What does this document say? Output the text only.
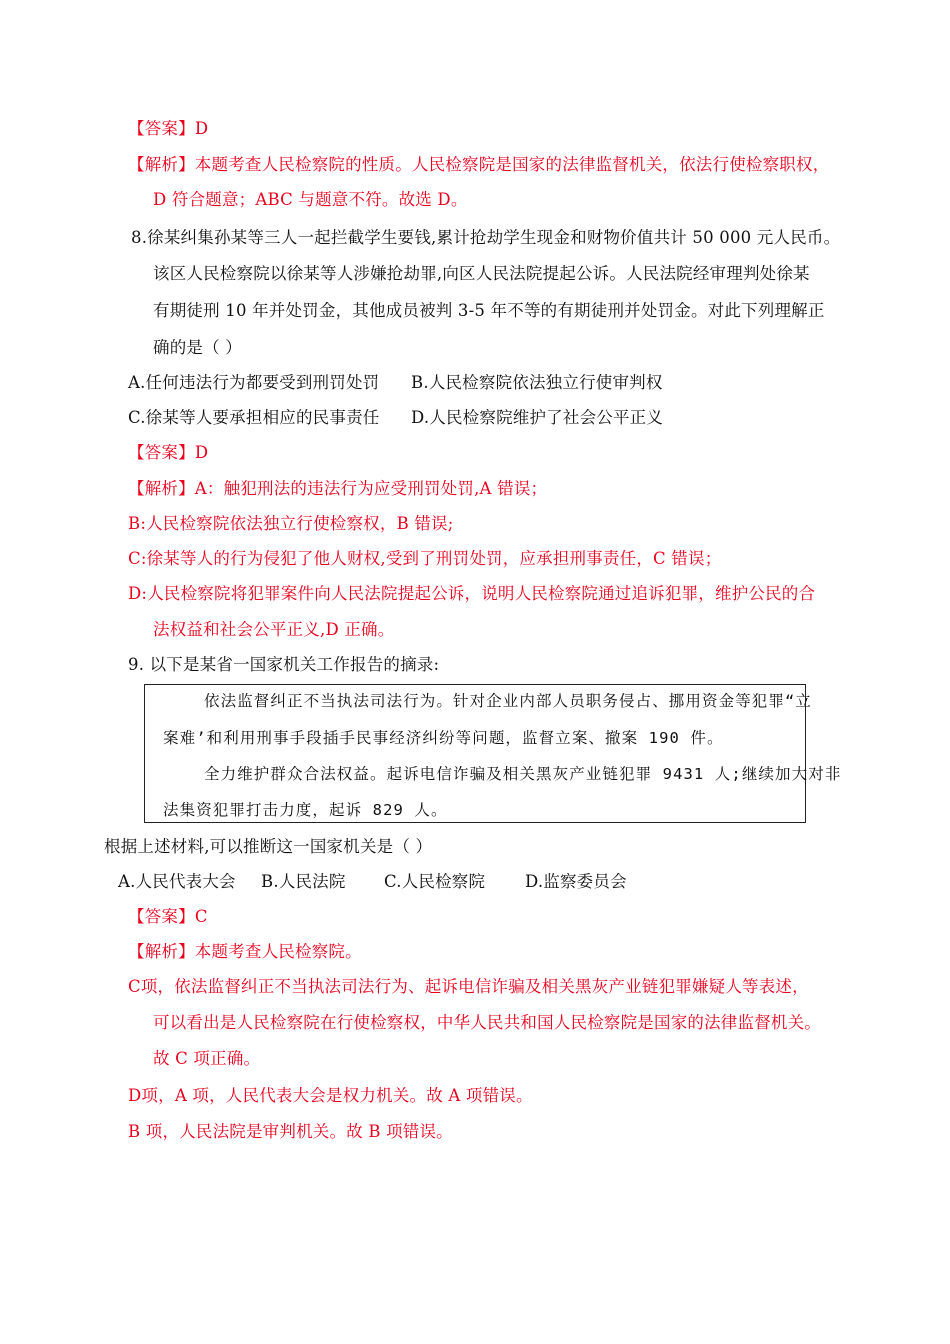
【答案】D
【解析】本题考查人民检察院的性质。人民检察院是国家的法律监督机关，依法行使检察职权，
D 符合题意；ABC 与题意不符。故选 D。
8.徐某纠集孙某等三人一起拦截学生要钱,累计抢劫学生现金和财物价值共计 50 000 元人民币。
该区人民检察院以徐某等人涉嫌抢劫罪,向区人民法院提起公诉。人民法院经审理判处徐某
有期徒刑 10 年并处罚金，其他成员被判 3-5 年不等的有期徒刑并处罚金。对此下列理解正
确的是（ ）
A.任何违法行为都要受到刑罚处罚 B.人民检察院依法独立行使审判权
C.徐某等人要承担相应的民事责任 D.人民检察院维护了社会公平正义
【答案】D
【解析】A：触犯刑法的违法行为应受刑罚处罚,A 错误；
B:人民检察院依法独立行使检察权，B 错误;
C:徐某等人的行为侵犯了他人财权,受到了刑罚处罚，应承担刑事责任，C 错误；
D:人民检察院将犯罪案件向人民法院提起公诉，说明人民检察院通过追诉犯罪，维护公民的合
法权益和社会公平正义,D 正确。
9. 以下是某省一国家机关工作报告的摘录:
依法监督纠正不当执法司法行为。针对企业内部人员职务侵占、挪用资金等犯罪“立
案难’和利用刑事手段插手民事经济纠纷等问题，监督立案、撤案 190 件。
全力维护群众合法权益。起诉电信诈骗及相关黑灰产业链犯罪 9431 人;继续加大对非
法集资犯罪打击力度，起诉 829 人。
根据上述材料,可以推断这一国家机关是（ ）
A.人民代表大会 B.人民法院 C.人民检察院 D.监察委员会
【答案】C
【解析】本题考查人民检察院。
C项，依法监督纠正不当执法司法行为、起诉电信诈骗及相关黑灰产业链犯罪嫌疑人等表述，
可以看出是人民检察院在行使检察权，中华人民共和国人民检察院是国家的法律监督机关。
故 C 项正确。
D项，A 项，人民代表大会是权力机关。故 A 项错误。
B 项，人民法院是审判机关。故 B 项错误。
